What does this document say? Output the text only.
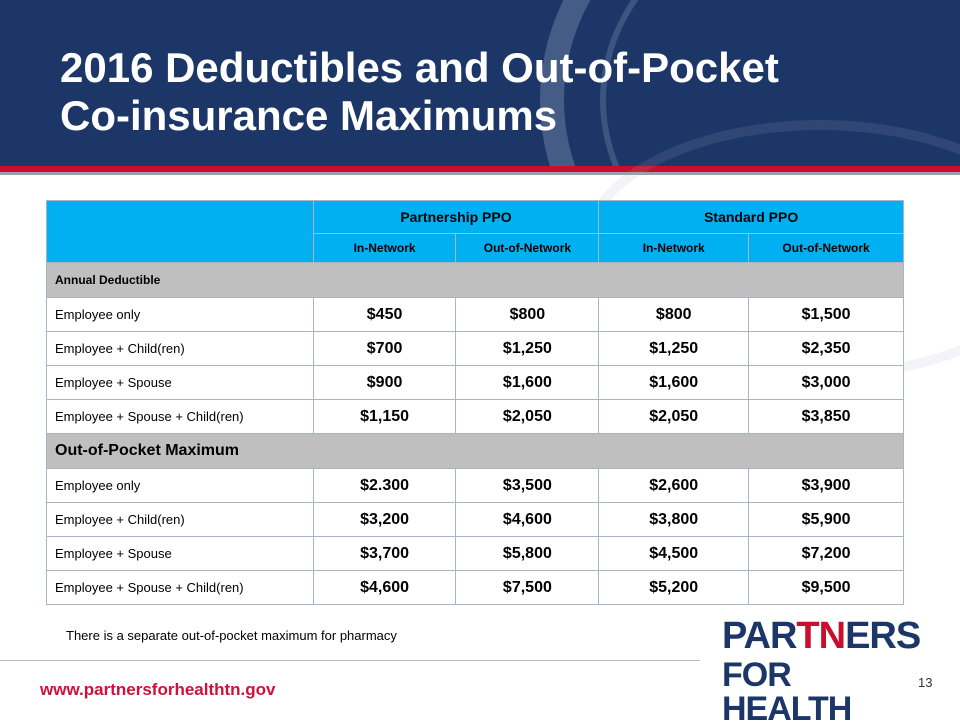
2016 Deductibles and Out-of-Pocket Co-insurance Maximums
	Partnership PPO		Standard PPO	
	In-Network	Out-of-Network	In-Network	Out-of-Network
Annual Deductible				
Employee only	$450	$800	$800	$1,500
Employee + Child(ren)	$700	$1,250	$1,250	$2,350
Employee + Spouse	$900	$1,600	$1,600	$3,000
Employee + Spouse + Child(ren)	$1,150	$2,050	$2,050	$3,850
Out-of-Pocket Maximum				
Employee only	$2.300	$3,500	$2,600	$3,900
Employee + Child(ren)	$3,200	$4,600	$3,800	$5,900
Employee + Spouse	$3,700	$5,800	$4,500	$7,200
Employee + Spouse + Child(ren)	$4,600	$7,500	$5,200	$9,500
There is a separate out-of-pocket maximum for pharmacy
www.partnersforhealthtn.gov	13
PARTNERS
FOR HEALTH
